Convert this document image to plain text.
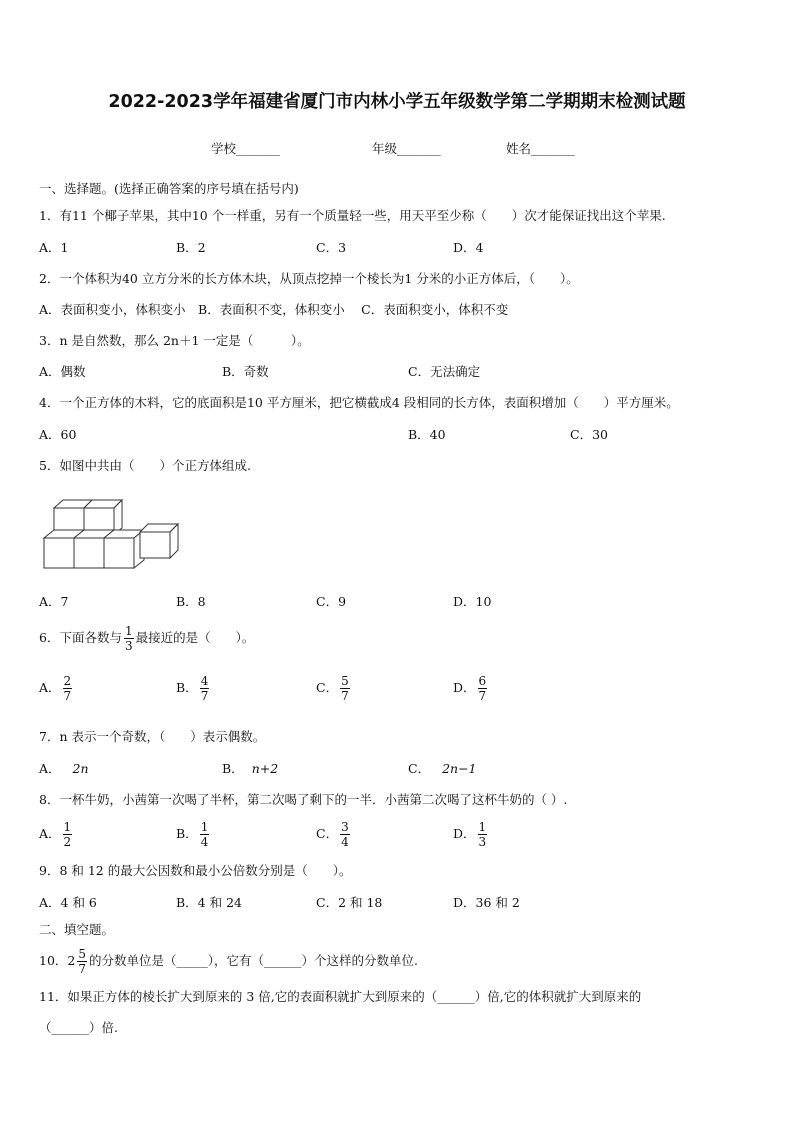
2022-2023学年福建省厦门市内林小学五年级数学第二学期期末检测试题
学校_______	年级_______	姓名_______
一、选择题。(选择正确答案的序号填在括号内)
1．有11 个椰子苹果，其中10 个一样重，另有一个质量轻一些，用天平至少称（　　）次才能保证找出这个苹果.
A．1	B．2	C．3	D．4
2．一个体积为40 立方分米的长方体木块，从顶点挖掉一个棱长为1 分米的小正方体后，（　　）。
A．表面积变小，体积变小　B．表面积不变，体积变小　 C．表面积变小，体积不变
3．n 是自然数，那么 2n＋1 一定是（　　　）。
A．偶数	B．奇数	C．无法确定
4．一个正方体的木料，它的底面积是10 平方厘米，把它横截成4 段相同的长方体，表面积增加（　　）平方厘米。
A．60	B．40	C．30
5．如图中共由（　　）个正方体组成.
A．7	B．8	C．9	D．10
6．下面各数与 $\frac{1}{3}$ 最接近的是（　　）。
A． $\frac{2}{7}$	B． $\frac{4}{7}$	C． $\frac{5}{7}$	D． $\frac{6}{7}$
7．n 表示一个奇数，（　　）表示偶数。
A． 2n	B． n+2	C． 2n−1
8．一杯牛奶，小茜第一次喝了半杯，第二次喝了剩下的一半．小茜第二次喝了这杯牛奶的（ ）.
A． $\frac{1}{2}$	B． $\frac{1}{4}$	C． $\frac{3}{4}$	D． $\frac{1}{3}$
9．8 和 12 的最大公因数和最小公倍数分别是（　　）。
A．4 和 6	B．4 和 24	C．2 和 18	D．36 和 2
二、填空题。
10．$2 \frac{5}{7}$ 的分数单位是（_____），它有（______）个这样的分数单位.
11．如果正方体的棱长扩大到原来的 3 倍,它的表面积就扩大到原来的（______）倍,它的体积就扩大到原来的
（______）倍.
